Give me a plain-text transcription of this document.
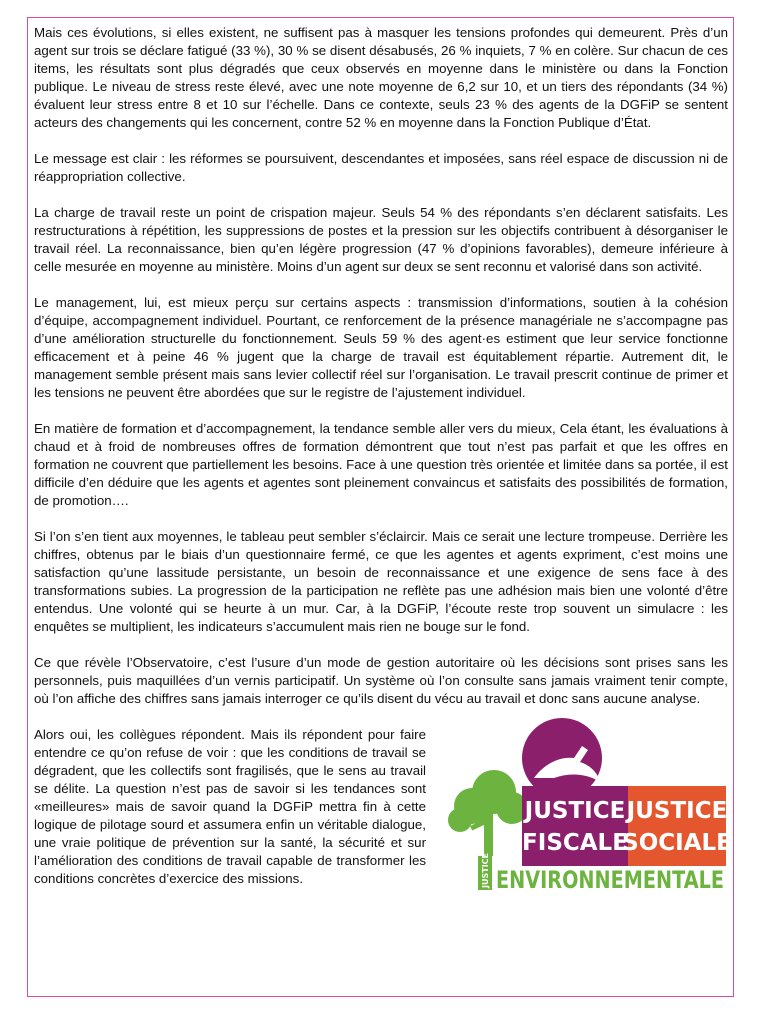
Mais ces évolutions, si elles existent, ne suffisent pas à masquer les tensions profondes qui demeurent. Près d’un agent sur trois se déclare fatigué (33 %), 30 % se disent désabusés, 26 % inquiets, 7 % en colère. Sur chacun de ces items, les résultats sont plus dégradés que ceux observés en moyenne dans le ministère ou dans la Fonction publique. Le niveau de stress reste élevé, avec une note moyenne de 6,2 sur 10, et un tiers des répondants (34 %) évaluent leur stress entre 8 et 10 sur l’échelle. Dans ce contexte, seuls 23 % des agents de la DGFiP se sentent acteurs des changements qui les concernent, contre 52 % en moyenne dans la Fonction Publique d’État.

Le message est clair : les réformes se poursuivent, descendantes et imposées, sans réel espace de discussion ni de réappropriation collective.

La charge de travail reste un point de crispation majeur. Seuls 54 % des répondants s’en déclarent satisfaits. Les restructurations à répétition, les suppressions de postes et la pression sur les objectifs contribuent à désorganiser le travail réel. La reconnaissance, bien qu’en légère progression (47 % d’opinions favorables), demeure inférieure à celle mesurée en moyenne au ministère. Moins d’un agent sur deux se sent reconnu et valorisé dans son activité.

Le management, lui, est mieux perçu sur certains aspects : transmission d’informations, soutien à la cohésion d’équipe, accompagnement individuel. Pourtant, ce renforcement de la présence managériale ne s’accompagne pas d’une amélioration structurelle du fonctionnement. Seuls 59 % des agent·es estiment que leur service fonctionne efficacement et à peine 46 % jugent que la charge de travail est équitablement répartie. Autrement dit, le management semble présent mais sans levier collectif réel sur l’organisation. Le travail prescrit continue de primer et les tensions ne peuvent être abordées que sur le registre de l’ajustement individuel.

En matière de formation et d’accompagnement, la tendance semble aller vers du mieux, Cela étant, les évaluations à chaud et à froid de nombreuses offres de formation démontrent que tout n’est pas parfait et que les offres en formation ne couvrent que partiellement les besoins. Face à une question très orientée et limitée dans sa portée, il est difficile d’en déduire que les agents et agentes sont pleinement convaincus et satisfaits des possibilités de formation, de promotion….

Si l’on s’en tient aux moyennes, le tableau peut sembler s’éclaircir. Mais ce serait une lecture trompeuse. Derrière les chiffres, obtenus par le biais d’un questionnaire fermé, ce que les agentes et agents expriment, c’est moins une satisfaction qu’une lassitude persistante, un besoin de reconnaissance et une exigence de sens face à des transformations subies. La progression de la participation ne reflète pas une adhésion mais bien une volonté d’être entendus. Une volonté qui se heurte à un mur. Car, à la DGFiP, l’écoute reste trop souvent un simulacre : les enquêtes se multiplient, les indicateurs s’accumulent mais rien ne bouge sur le fond.

Ce que révèle l’Observatoire, c’est l’usure d’un mode de gestion autoritaire où les décisions sont prises sans les personnels, puis maquillées d’un vernis participatif. Un système où l’on consulte sans jamais vraiment tenir compte, où l’on affiche des chiffres sans jamais interroger ce qu’ils disent du vécu au travail et donc sans aucune analyse.

Alors oui, les collègues répondent. Mais ils répondent pour faire entendre ce qu’on refuse de voir : que les conditions de travail se dégradent, que les collectifs sont fragilisés, que le sens au travail se délite. La question n’est pas de savoir si les tendances sont «meilleures» mais de savoir quand la DGFiP mettra fin à cette logique de pilotage sourd et assumera enfin un véritable dialogue, une vraie politique de prévention sur la santé, la sécurité et sur l’amélioration des conditions de travail capable de transformer les conditions concrètes d’exercice des missions.

JUSTICE
FISCALE
JUSTICE
SOCIALE
JUSTICE ENVIRONNEMENTALE
